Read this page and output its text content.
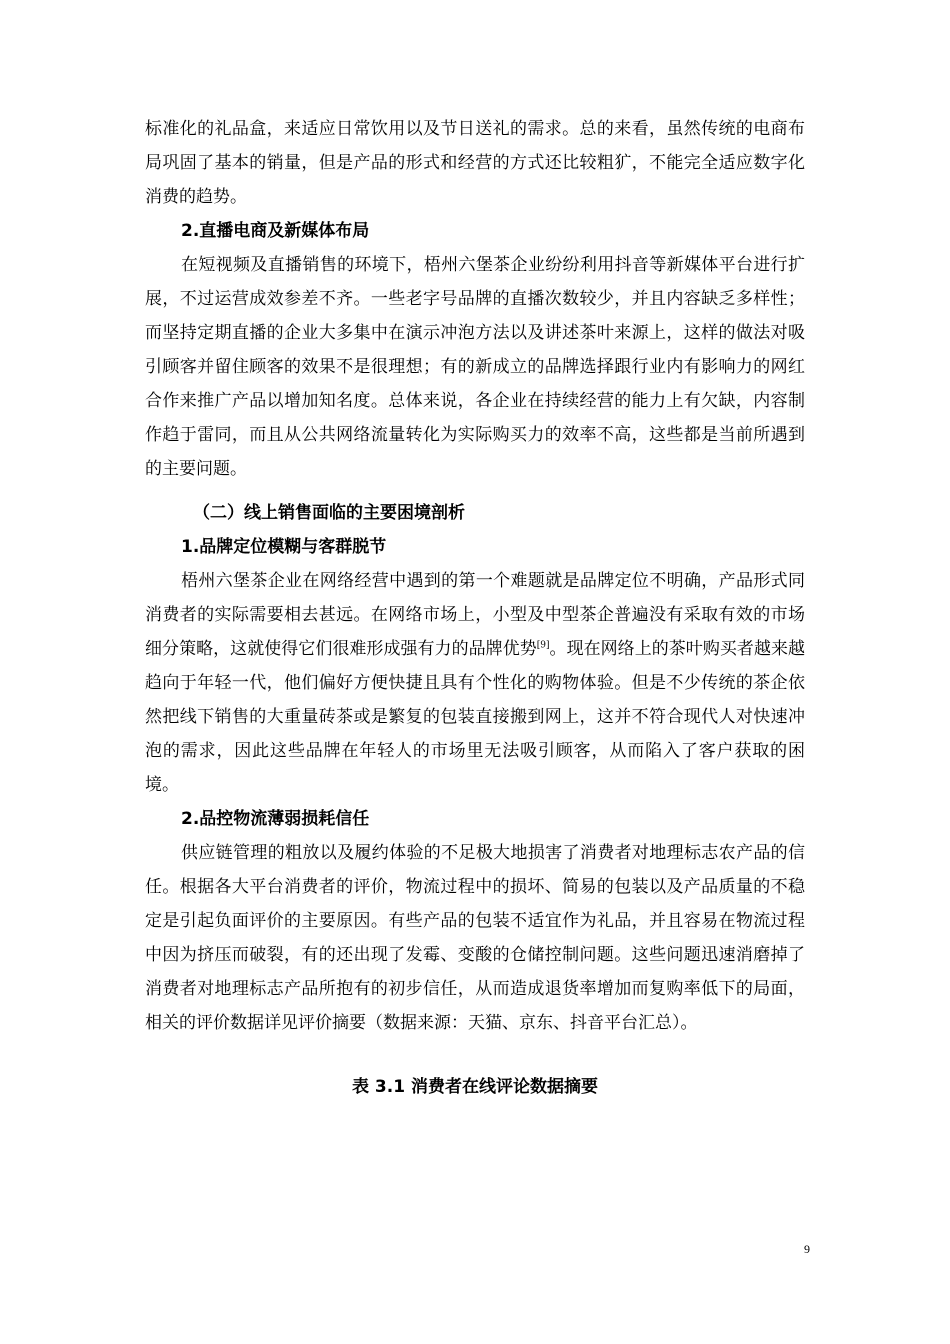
标准化的礼品盒，来适应日常饮用以及节日送礼的需求。总的来看，虽然传统的电商布局巩固了基本的销量，但是产品的形式和经营的方式还比较粗犷，不能完全适应数字化消费的趋势。

2.直播电商及新媒体布局

在短视频及直播销售的环境下，梧州六堡茶企业纷纷利用抖音等新媒体平台进行扩展，不过运营成效参差不齐。一些老字号品牌的直播次数较少，并且内容缺乏多样性；而坚持定期直播的企业大多集中在演示冲泡方法以及讲述茶叶来源上，这样的做法对吸引顾客并留住顾客的效果不是很理想；有的新成立的品牌选择跟行业内有影响力的网红合作来推广产品以增加知名度。总体来说，各企业在持续经营的能力上有欠缺，内容制作趋于雷同，而且从公共网络流量转化为实际购买力的效率不高，这些都是当前所遇到的主要问题。

（二）线上销售面临的主要困境剖析

1.品牌定位模糊与客群脱节

梧州六堡茶企业在网络经营中遇到的第一个难题就是品牌定位不明确，产品形式同消费者的实际需要相去甚远。在网络市场上，小型及中型茶企普遍没有采取有效的市场细分策略，这就使得它们很难形成强有力的品牌优势[9]。现在网络上的茶叶购买者越来越趋向于年轻一代，他们偏好方便快捷且具有个性化的购物体验。但是不少传统的茶企依然把线下销售的大重量砖茶或是繁复的包装直接搬到网上，这并不符合现代人对快速冲泡的需求，因此这些品牌在年轻人的市场里无法吸引顾客，从而陷入了客户获取的困境。

2.品控物流薄弱损耗信任

供应链管理的粗放以及履约体验的不足极大地损害了消费者对地理标志农产品的信任。根据各大平台消费者的评价，物流过程中的损坏、简易的包装以及产品质量的不稳定是引起负面评价的主要原因。有些产品的包装不适宜作为礼品，并且容易在物流过程中因为挤压而破裂，有的还出现了发霉、变酸的仓储控制问题。这些问题迅速消磨掉了消费者对地理标志产品所抱有的初步信任，从而造成退货率增加而复购率低下的局面，相关的评价数据详见评价摘要（数据来源：天猫、京东、抖音平台汇总）。

表 3.1 消费者在线评论数据摘要

9
